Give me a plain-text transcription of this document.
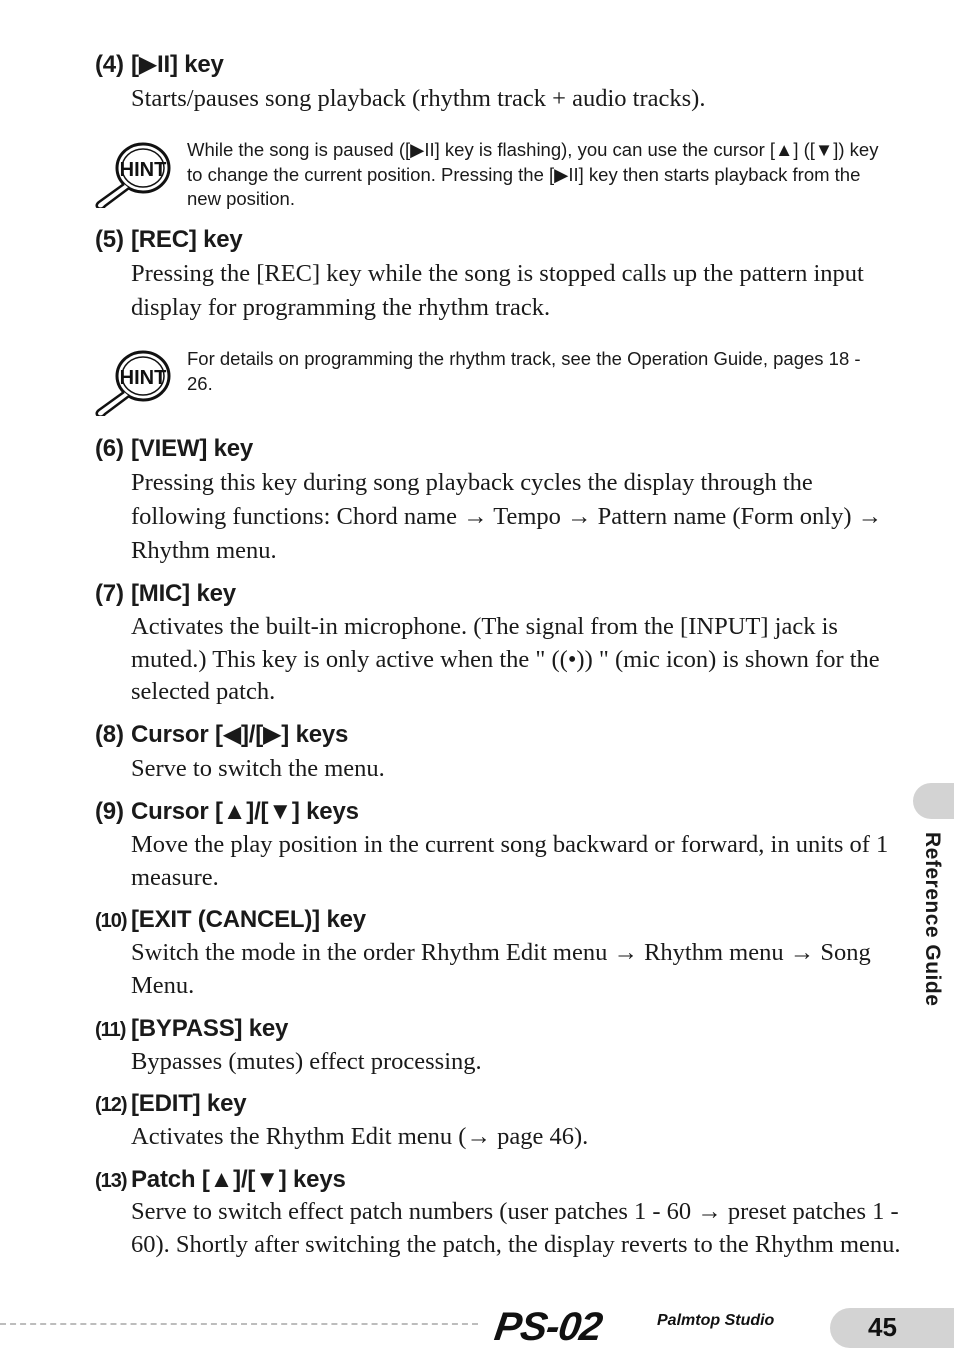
(4) [▶II] key
Starts/pauses song playback (rhythm track + audio tracks).
HINT
While the song is paused ([▶II] key is flashing), you can use the cursor [▲] ([▼]) key to change the current position. Pressing the [▶II] key then starts playback from the new position.
(5) [REC] key
Pressing the [REC] key while the song is stopped calls up the pattern input display for programming the rhythm track.
HINT
For details on programming the rhythm track, see the Operation Guide, pages 18 - 26.
(6) [VIEW] key
Pressing this key during song playback cycles the display through the following functions: Chord name → Tempo → Pattern name (Form only) → Rhythm menu.
(7) [MIC] key
Activates the built-in microphone. (The signal from the [INPUT] jack is muted.) This key is only active when the " ((•)) " (mic icon) is shown for the selected patch.
(8) Cursor [◀]/[▶] keys
Serve to switch the menu.
(9) Cursor [▲]/[▼] keys
Move the play position in the current song backward or forward, in units of 1 measure.
(10) [EXIT (CANCEL)] key
Switch the mode in the order Rhythm Edit menu → Rhythm menu → Song Menu.
(11) [BYPASS] key
Bypasses (mutes) effect processing.
(12) [EDIT] key
Activates the Rhythm Edit menu (→ page 46).
(13) Patch [▲]/[▼] keys
Serve to switch effect patch numbers (user patches 1 - 60 → preset patches 1 - 60). Shortly after switching the patch, the display reverts to the Rhythm menu.
Reference Guide
PS-02	Palmtop Studio	45
